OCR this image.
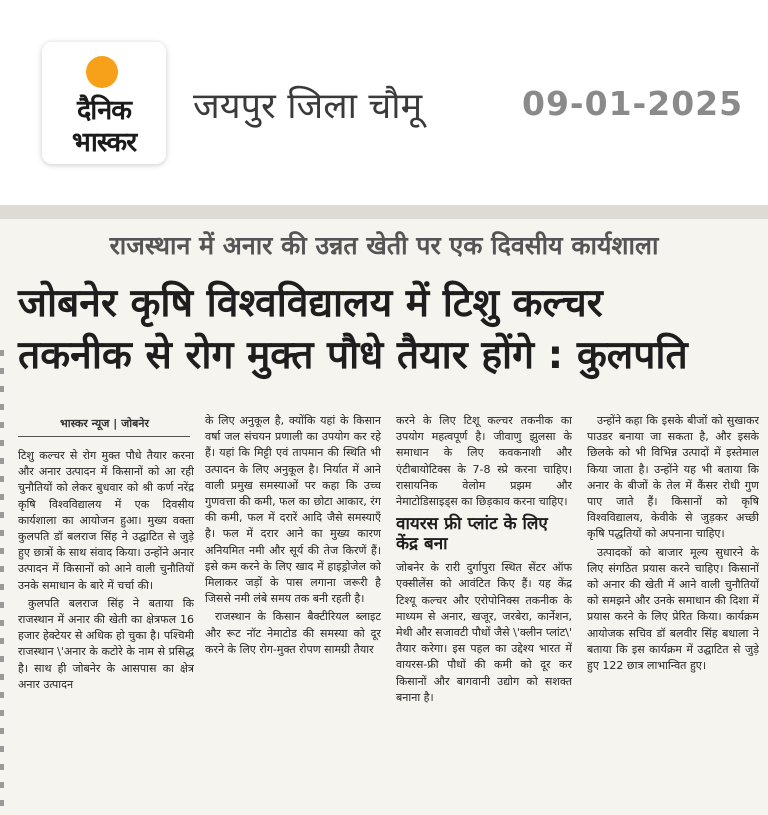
दैनिक
भास्कर
जयपुर जिला चौमू	09-01-2025
राजस्थान में अनार की उन्नत खेती पर एक दिवसीय कार्यशाला
जोबनेर कृषि विश्वविद्यालय में टिशु कल्चर
तकनीक से रोग मुक्त पौधे तैयार होंगे : कुलपति
भास्कर न्यूज | जोबनेर

टिशु कल्चर से रोग मुक्त पौधे तैयार करना और अनार उत्पादन में किसानों को आ रही चुनौतियों को लेकर बुधवार को श्री कर्ण नरेंद्र कृषि विश्वविद्यालय में एक दिवसीय कार्यशाला का आयोजन हुआ। मुख्य वक्ता कुलपति डॉ बलराज सिंह ने उद्घाटित से जुड़े हुए छात्रों के साथ संवाद किया। उन्होंने अनार उत्पादन में किसानों को आने वाली चुनौतियों उनके समाधान के बारे में चर्चा की।

कुलपति बलराज सिंह ने बताया कि राजस्थान में अनार की खेती का क्षेत्रफल 16 हजार हेक्टेयर से अधिक हो चुका है। पश्चिमी राजस्थान \'अनार के कटोरे के नाम से प्रसिद्ध है। साथ ही जोबनेर के आसपास का क्षेत्र अनार उत्पादन

के लिए अनुकूल है, क्योंकि यहां के किसान वर्षा जल संचयन प्रणाली का उपयोग कर रहे हैं। यहां कि मिट्टी एवं तापमान की स्थिति भी उत्पादन के लिए अनुकूल है। निर्यात में आने वाली प्रमुख समस्याओं पर कहा कि उच्च गुणवत्ता की कमी, फल का छोटा आकार, रंग की कमी, फल में दरारें आदि जैसे समस्याएँ है। फल में दरार आने का मुख्य कारण अनियमित नमी और सूर्य की तेज किरणें हैं। इसे कम करने के लिए खाद में हाइड्रोजेल को मिलाकर जड़ों के पास लगाना जरूरी है जिससे नमी लंबे समय तक बनी रहती है।

राजस्थान के किसान बैक्टीरियल ब्लाइट और रूट नॉट नेमाटोड की समस्या को दूर करने के लिए रोग-मुक्त रोपण सामग्री तैयार

करने के लिए टिशू कल्चर तकनीक का उपयोग महत्वपूर्ण है। जीवाणु झुलसा के समाधान के लिए कवकनाशी और एंटीबायोटिक्स के 7-8 स्प्रे करना चाहिए। रासायनिक वेलोम प्रझम और नेमाटोडिसाइड्स का छिड़काव करना चाहिए।

वायरस फ्री प्लांट के लिए केंद्र बना

जोबनेर के रारी दुर्गापुरा स्थित सेंटर ऑफ एक्सीलेंस को आवंटित किए हैं। यह केंद्र टिश्यू कल्चर और एरोपोनिक्स तकनीक के माध्यम से अनार, खजूर, जरबेरा, कार्नेशन, मेथी और सजावटी पौधों जैसे \'क्लीन प्लांट\' तैयार करेगा। इस पहल का उद्देश्य भारत में वायरस-फ्री पौधों की कमी को दूर कर किसानों और बागवानी उद्योग को सशक्त बनाना है।

उन्होंने कहा कि इसके बीजों को सुखाकर पाउडर बनाया जा सकता है, और इसके छिलके को भी विभिन्न उत्पादों में इस्तेमाल किया जाता है। उन्होंने यह भी बताया कि अनार के बीजों के तेल में कैंसर रोधी गुण पाए जाते हैं। किसानों को कृषि विश्वविद्यालय, केवीके से जुड़कर अच्छी कृषि पद्धतियों को अपनाना चाहिए।

उत्पादकों को बाजार मूल्य सुधारने के लिए संगठित प्रयास करने चाहिए। किसानों को अनार की खेती में आने वाली चुनौतियों को समझने और उनके समाधान की दिशा में प्रयास करने के लिए प्रेरित किया। कार्यक्रम आयोजक सचिव डॉ बलवीर सिंह बधाला ने बताया कि इस कार्यक्रम में उद्घाटित से जुड़े हुए 122 छात्र लाभान्वित हुए।
